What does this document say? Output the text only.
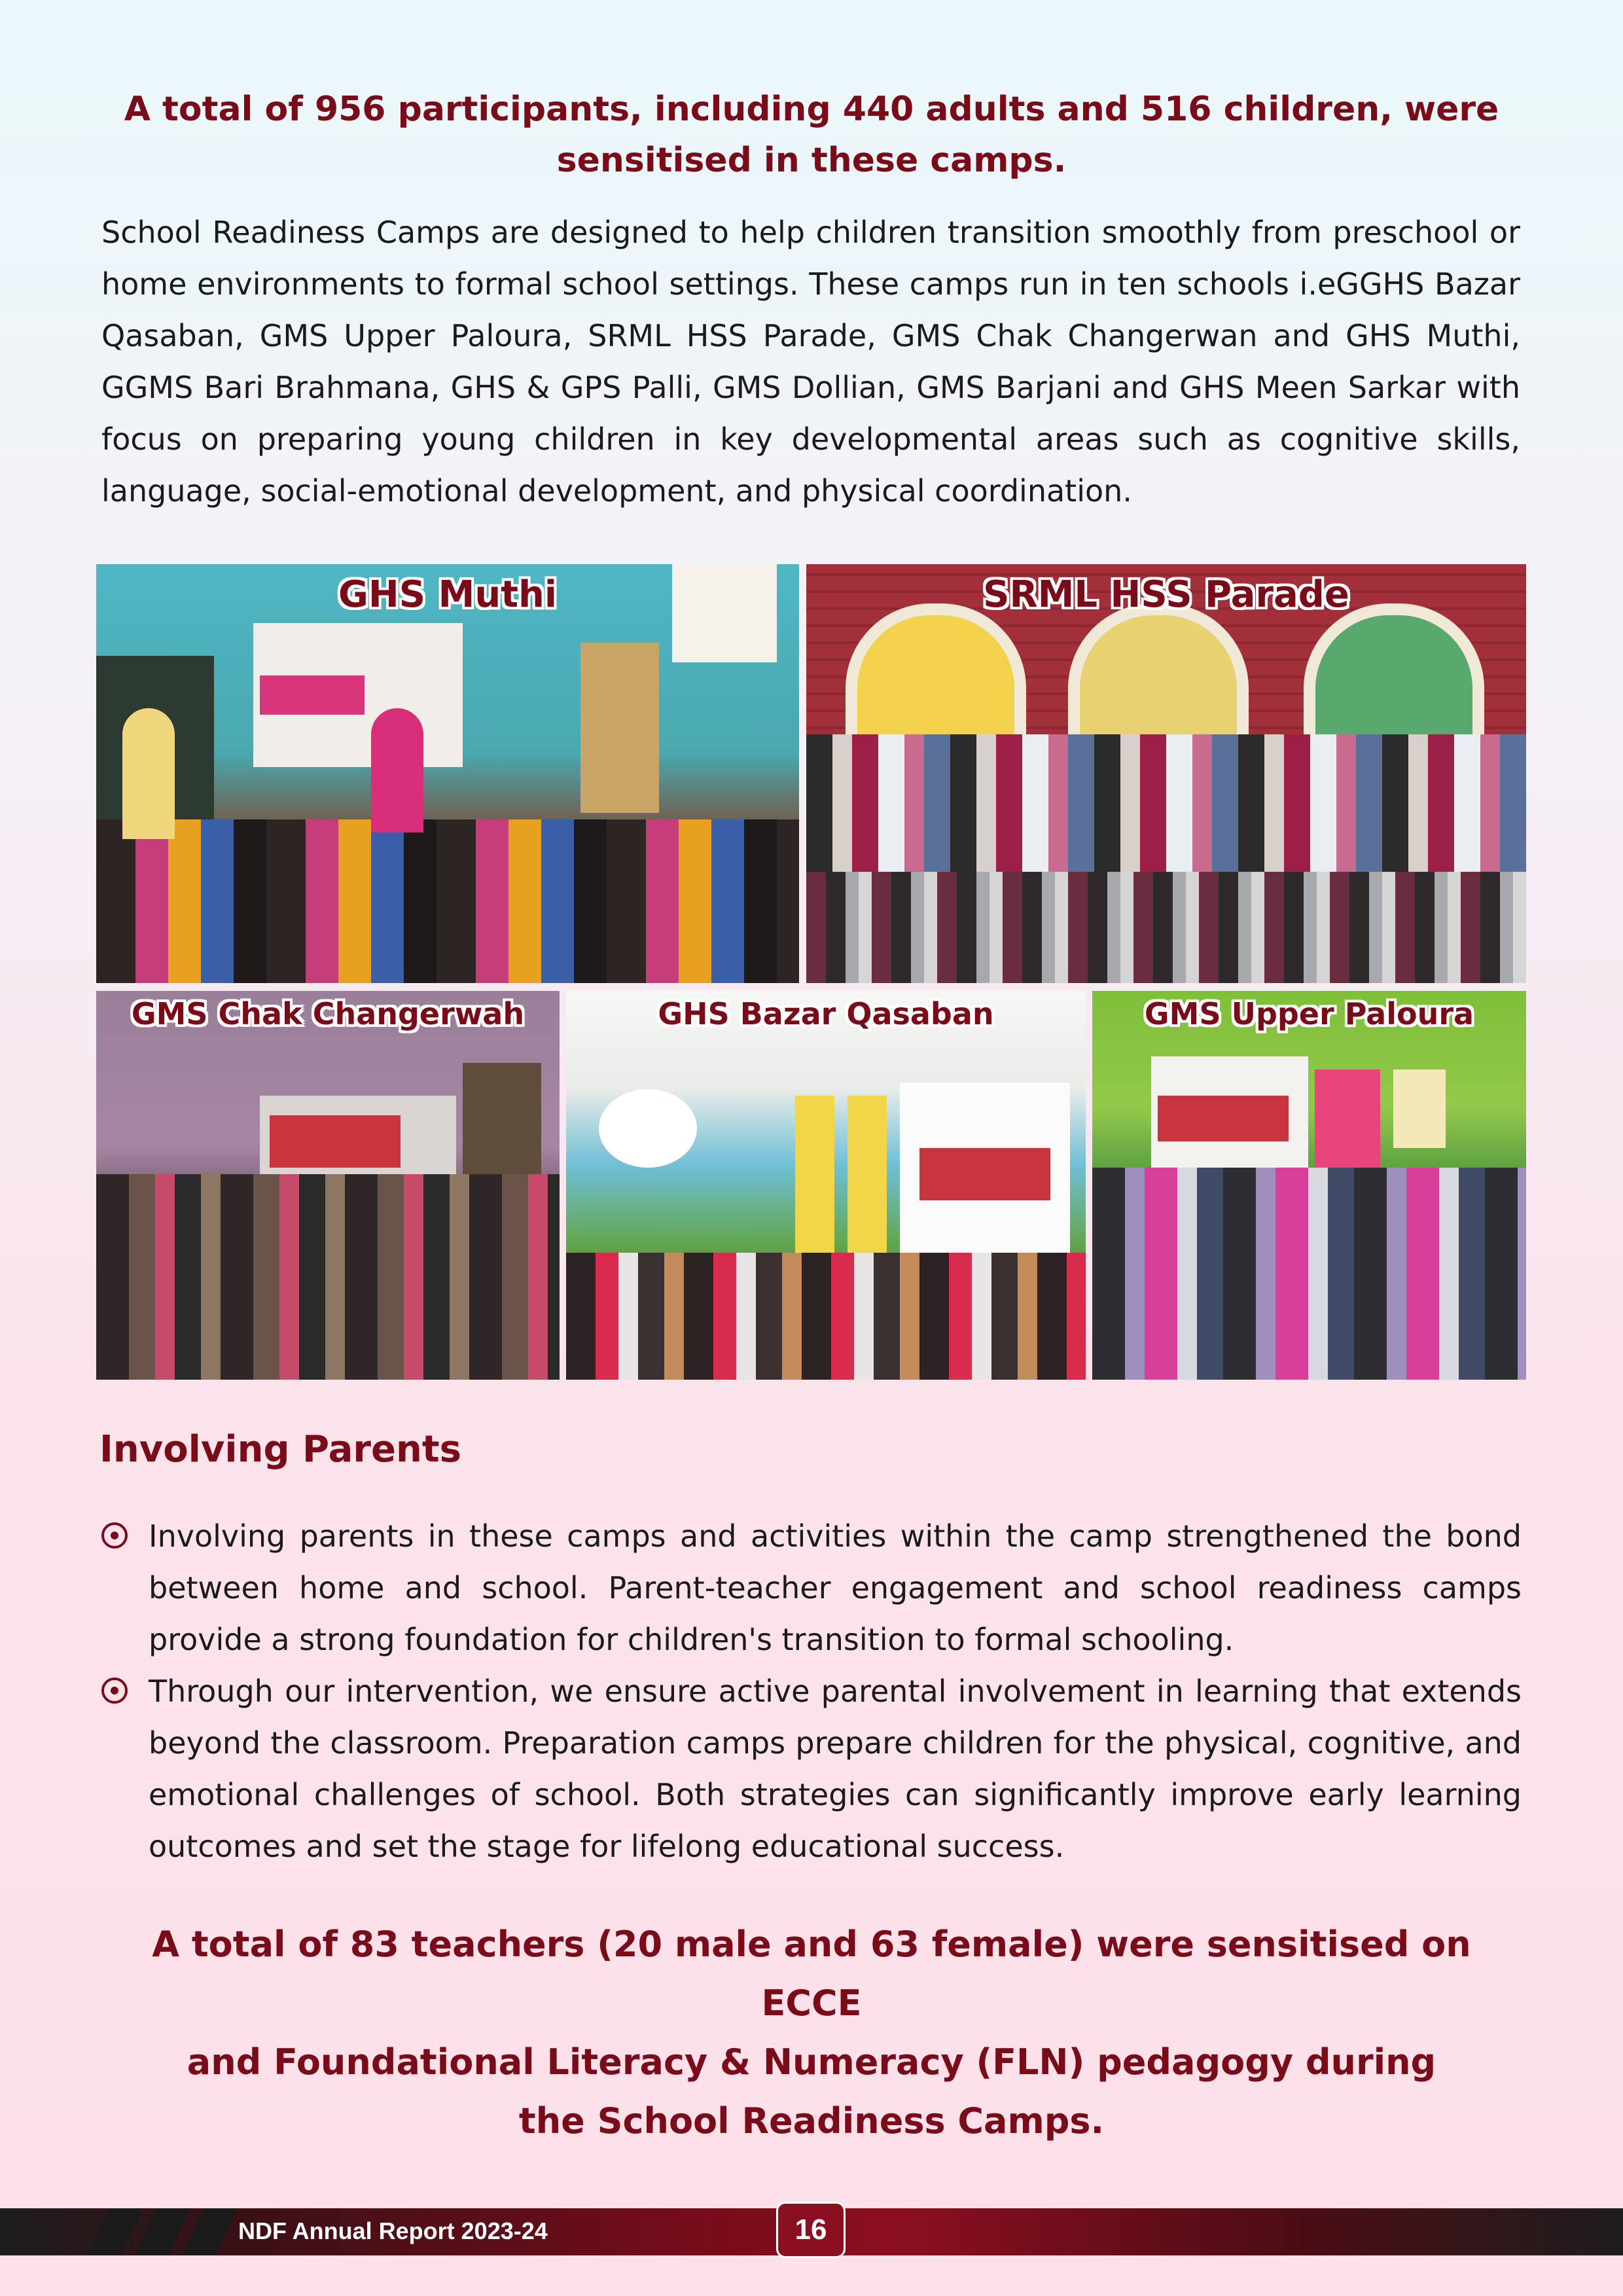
A total of 956 participants, including 440 adults and 516 children, were
sensitised in these camps.

School Readiness Camps are designed to help children transition smoothly from preschool or home environments to formal school settings. These camps run in ten schools i.eGGHS Bazar Qasaban, GMS Upper Paloura, SRML HSS Parade, GMS Chak Changerwan and GHS Muthi, GGMS Bari Brahmana, GHS & GPS Palli, GMS Dollian, GMS Barjani and GHS Meen Sarkar with focus on preparing young children in key developmental areas such as cognitive skills, language, social-emotional development, and physical coordination.

GHS Muthi	SRML HSS Parade
GMS Chak Changerwah	GHS Bazar Qasaban	GMS Upper Paloura
Involving Parents
Involving parents in these camps and activities within the camp strengthened the bond between home and school. Parent-teacher engagement and school readiness camps provide a strong foundation for children's transition to formal schooling.
Through our intervention, we ensure active parental involvement in learning that extends beyond the classroom. Preparation camps prepare children for the physical, cognitive, and emotional challenges of school. Both strategies can significantly improve early learning outcomes and set the stage for lifelong educational success.
A total of 83 teachers (20 male and 63 female) were sensitised on ECCE
and Foundational Literacy & Numeracy (FLN) pedagogy during
the School Readiness Camps.
NDF Annual Report 2023-24	16
